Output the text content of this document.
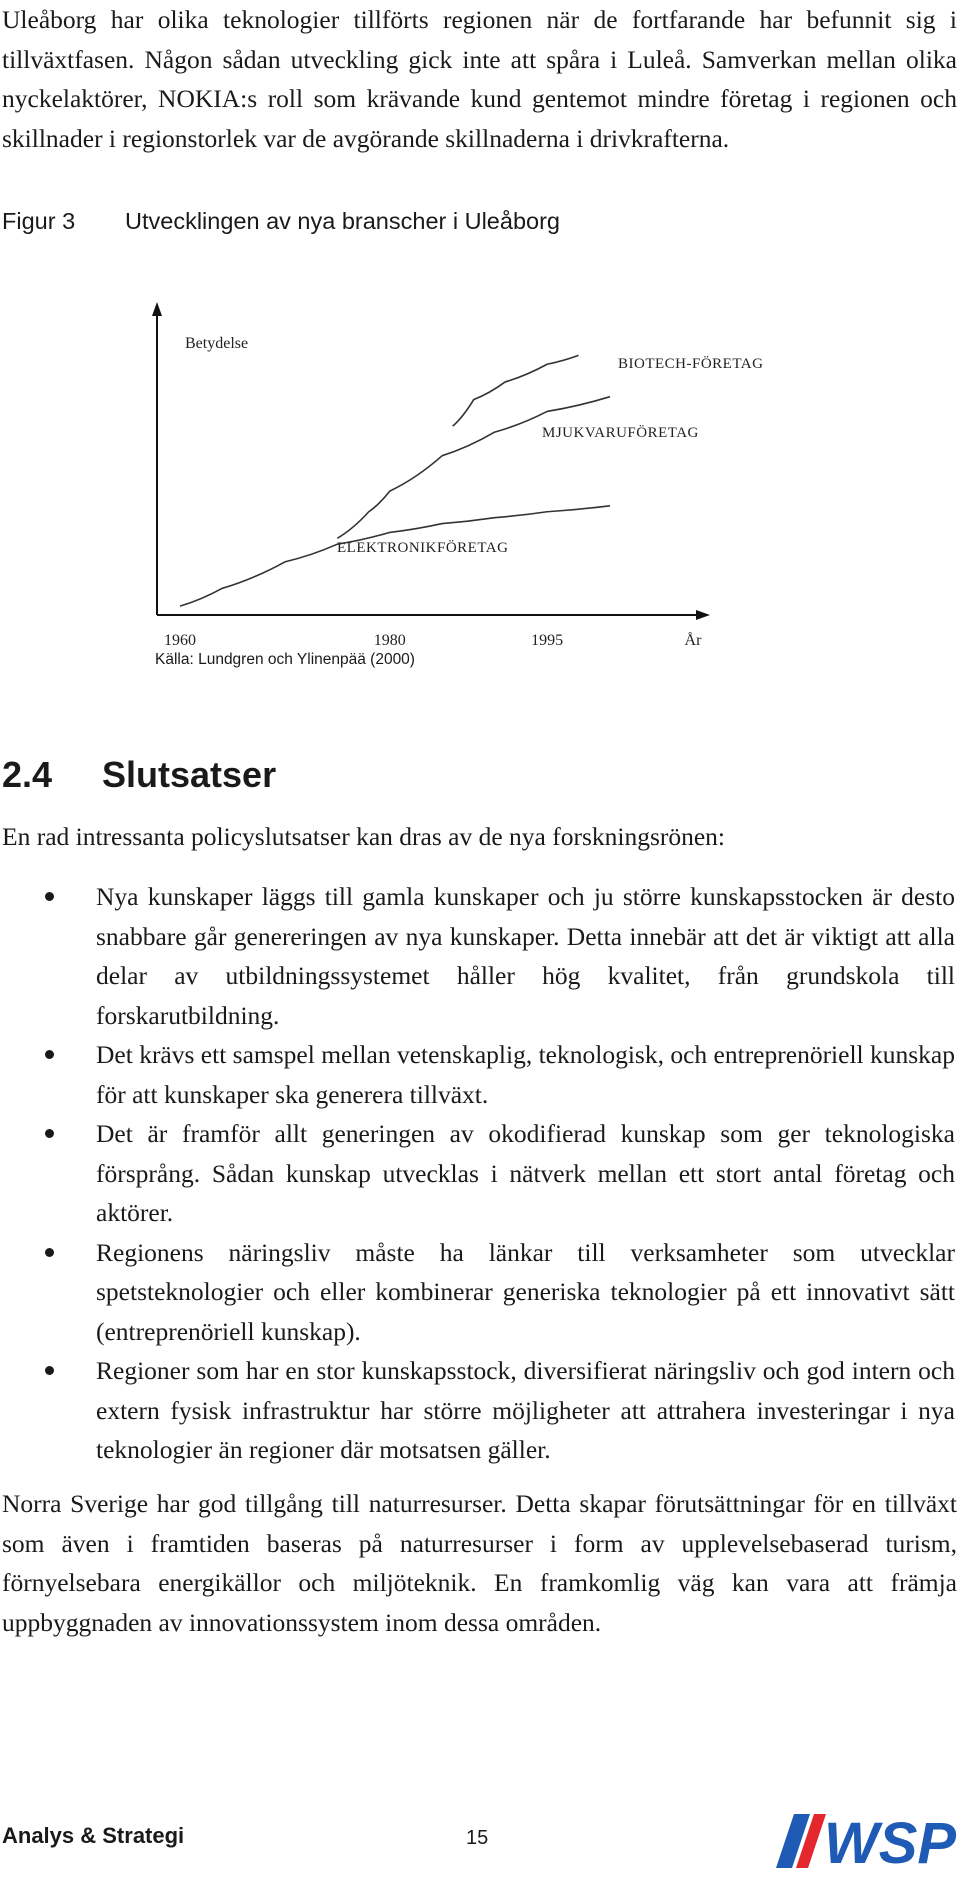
Uleåborg har olika teknologier tillförts regionen när de fortfarande har befunnit sig i tillväxtfasen. Någon sådan utveckling gick inte att spåra i Luleå. Samverkan mellan olika nyckelaktörer, NOKIA:s roll som krävande kund gentemot mindre företag i regionen och skillnader i regionstorlek var de avgörande skillnaderna i drivkrafterna.

Figur 3 Utvecklingen av nya branscher i Uleåborg

Betydelse
1960	1980	1995	År
ELEKTRONIKFÖRETAG
MJUKVARUFÖRETAG
BIOTECH-FÖRETAG

Källa: Lundgren och Ylinenpää (2000)

2.4 Slutsatser

En rad intressanta policyslutsatser kan dras av de nya forskningsrönen:

Nya kunskaper läggs till gamla kunskaper och ju större kunskapsstocken är desto snabbare går genereringen av nya kunskaper. Detta innebär att det är viktigt att alla delar av utbildningssystemet håller hög kvalitet, från grundskola till forskarutbildning.
Det krävs ett samspel mellan vetenskaplig, teknologisk, och entreprenöriell kunskap för att kunskaper ska generera tillväxt.
Det är framför allt generingen av okodifierad kunskap som ger teknologiska försprång. Sådan kunskap utvecklas i nätverk mellan ett stort antal företag och aktörer.
Regionens näringsliv måste ha länkar till verksamheter som utvecklar spetsteknologier och eller kombinerar generiska teknologier på ett innovativt sätt (entreprenöriell kunskap).
Regioner som har en stor kunskapsstock, diversifierat näringsliv och god intern och extern fysisk infrastruktur har större möjligheter att attrahera investeringar i nya teknologier än regioner där motsatsen gäller.

Norra Sverige har god tillgång till naturresurser. Detta skapar förutsättningar för en tillväxt som även i framtiden baseras på naturresurser i form av upplevelsebaserad turism, förnyelsebara energikällor och miljöteknik. En framkomlig väg kan vara att främja uppbyggnaden av innovationssystem inom dessa områden.

Analys & Strategi	15	WSP
